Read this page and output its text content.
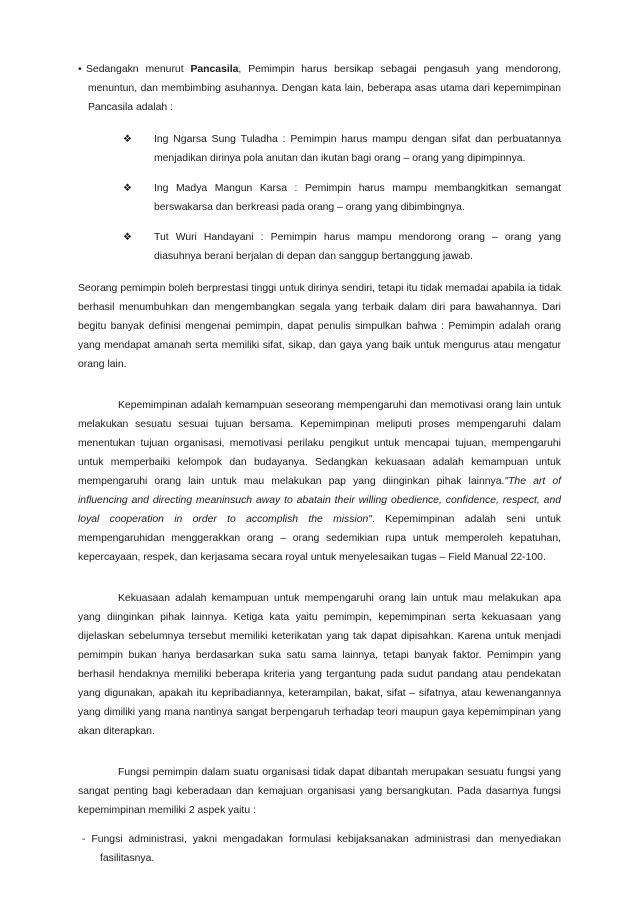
• Sedangakn menurut Pancasila, Pemimpin harus bersikap sebagai pengasuh yang mendorong, menuntun, dan membimbing asuhannya. Dengan kata lain, beberapa asas utama dari kepemimpinan Pancasila adalah :

❖ Ing Ngarsa Sung Tuladha : Pemimpin harus mampu dengan sifat dan perbuatannya menjadikan dirinya pola anutan dan ikutan bagi orang – orang yang dipimpinnya.
❖ Ing Madya Mangun Karsa : Pemimpin harus mampu membangkitkan semangat berswakarsa dan berkreasi pada orang – orang yang dibimbingnya.
❖ Tut Wuri Handayani : Pemimpin harus mampu mendorong orang – orang yang diasuhnya berani berjalan di depan dan sanggup bertanggung jawab.

Seorang pemimpin boleh berprestasi tinggi untuk dirinya sendiri, tetapi itu tidak memadai apabila ia tidak berhasil menumbuhkan dan mengembangkan segala yang terbaik dalam diri para bawahannya. Dari begitu banyak definisi mengenai pemimpin, dapat penulis simpulkan bahwa : Pemimpin adalah orang yang mendapat amanah serta memiliki sifat, sikap, dan gaya yang baik untuk mengurus atau mengatur orang lain.

Kepemimpinan adalah kemampuan seseorang mempengaruhi dan memotivasi orang lain untuk melakukan sesuatu sesuai tujuan bersama. Kepemimpinan meliputi proses mempengaruhi dalam menentukan tujuan organisasi, memotivasi perilaku pengikut untuk mencapai tujuan, mempengaruhi untuk memperbaiki kelompok dan budayanya. Sedangkan kekuasaan adalah kemampuan untuk mempengaruhi orang lain untuk mau melakukan pap yang diinginkan pihak lainnya."The art of influencing and directing meaninsuch away to abatain their willing obedience, confidence, respect, and loyal cooperation in order to accomplish the mission". Kepemimpinan adalah seni untuk mempengaruhidan menggerakkan orang – orang sedemikian rupa untuk memperoleh kepatuhan, kepercayaan, respek, dan kerjasama secara royal untuk menyelesaikan tugas – Field Manual 22-100.

Kekuasaan adalah kemampuan untuk mempengaruhi orang lain untuk mau melakukan apa yang diinginkan pihak lainnya. Ketiga kata yaitu pemimpin, kepemimpinan serta kekuasaan yang dijelaskan sebelumnya tersebut memiliki keterikatan yang tak dapat dipisahkan. Karena untuk menjadi pemimpin bukan hanya berdasarkan suka satu sama lainnya, tetapi banyak faktor. Pemimpin yang berhasil hendaknya memiliki beberapa kriteria yang tergantung pada sudut pandang atau pendekatan yang digunakan, apakah itu kepribadiannya, keterampilan, bakat, sifat – sifatnya, atau kewenangannya yang dimiliki yang mana nantinya sangat berpengaruh terhadap teori maupun gaya kepemimpinan yang akan diterapkan.

Fungsi pemimpin dalam suatu organisasi tidak dapat dibantah merupakan sesuatu fungsi yang sangat penting bagi keberadaan dan kemajuan organisasi yang bersangkutan. Pada dasarnya fungsi kepemimpinan memiliki 2 aspek yaitu :

- Fungsi administrasi, yakni mengadakan formulasi kebijaksanakan administrasi dan menyediakan fasilitasnya.
